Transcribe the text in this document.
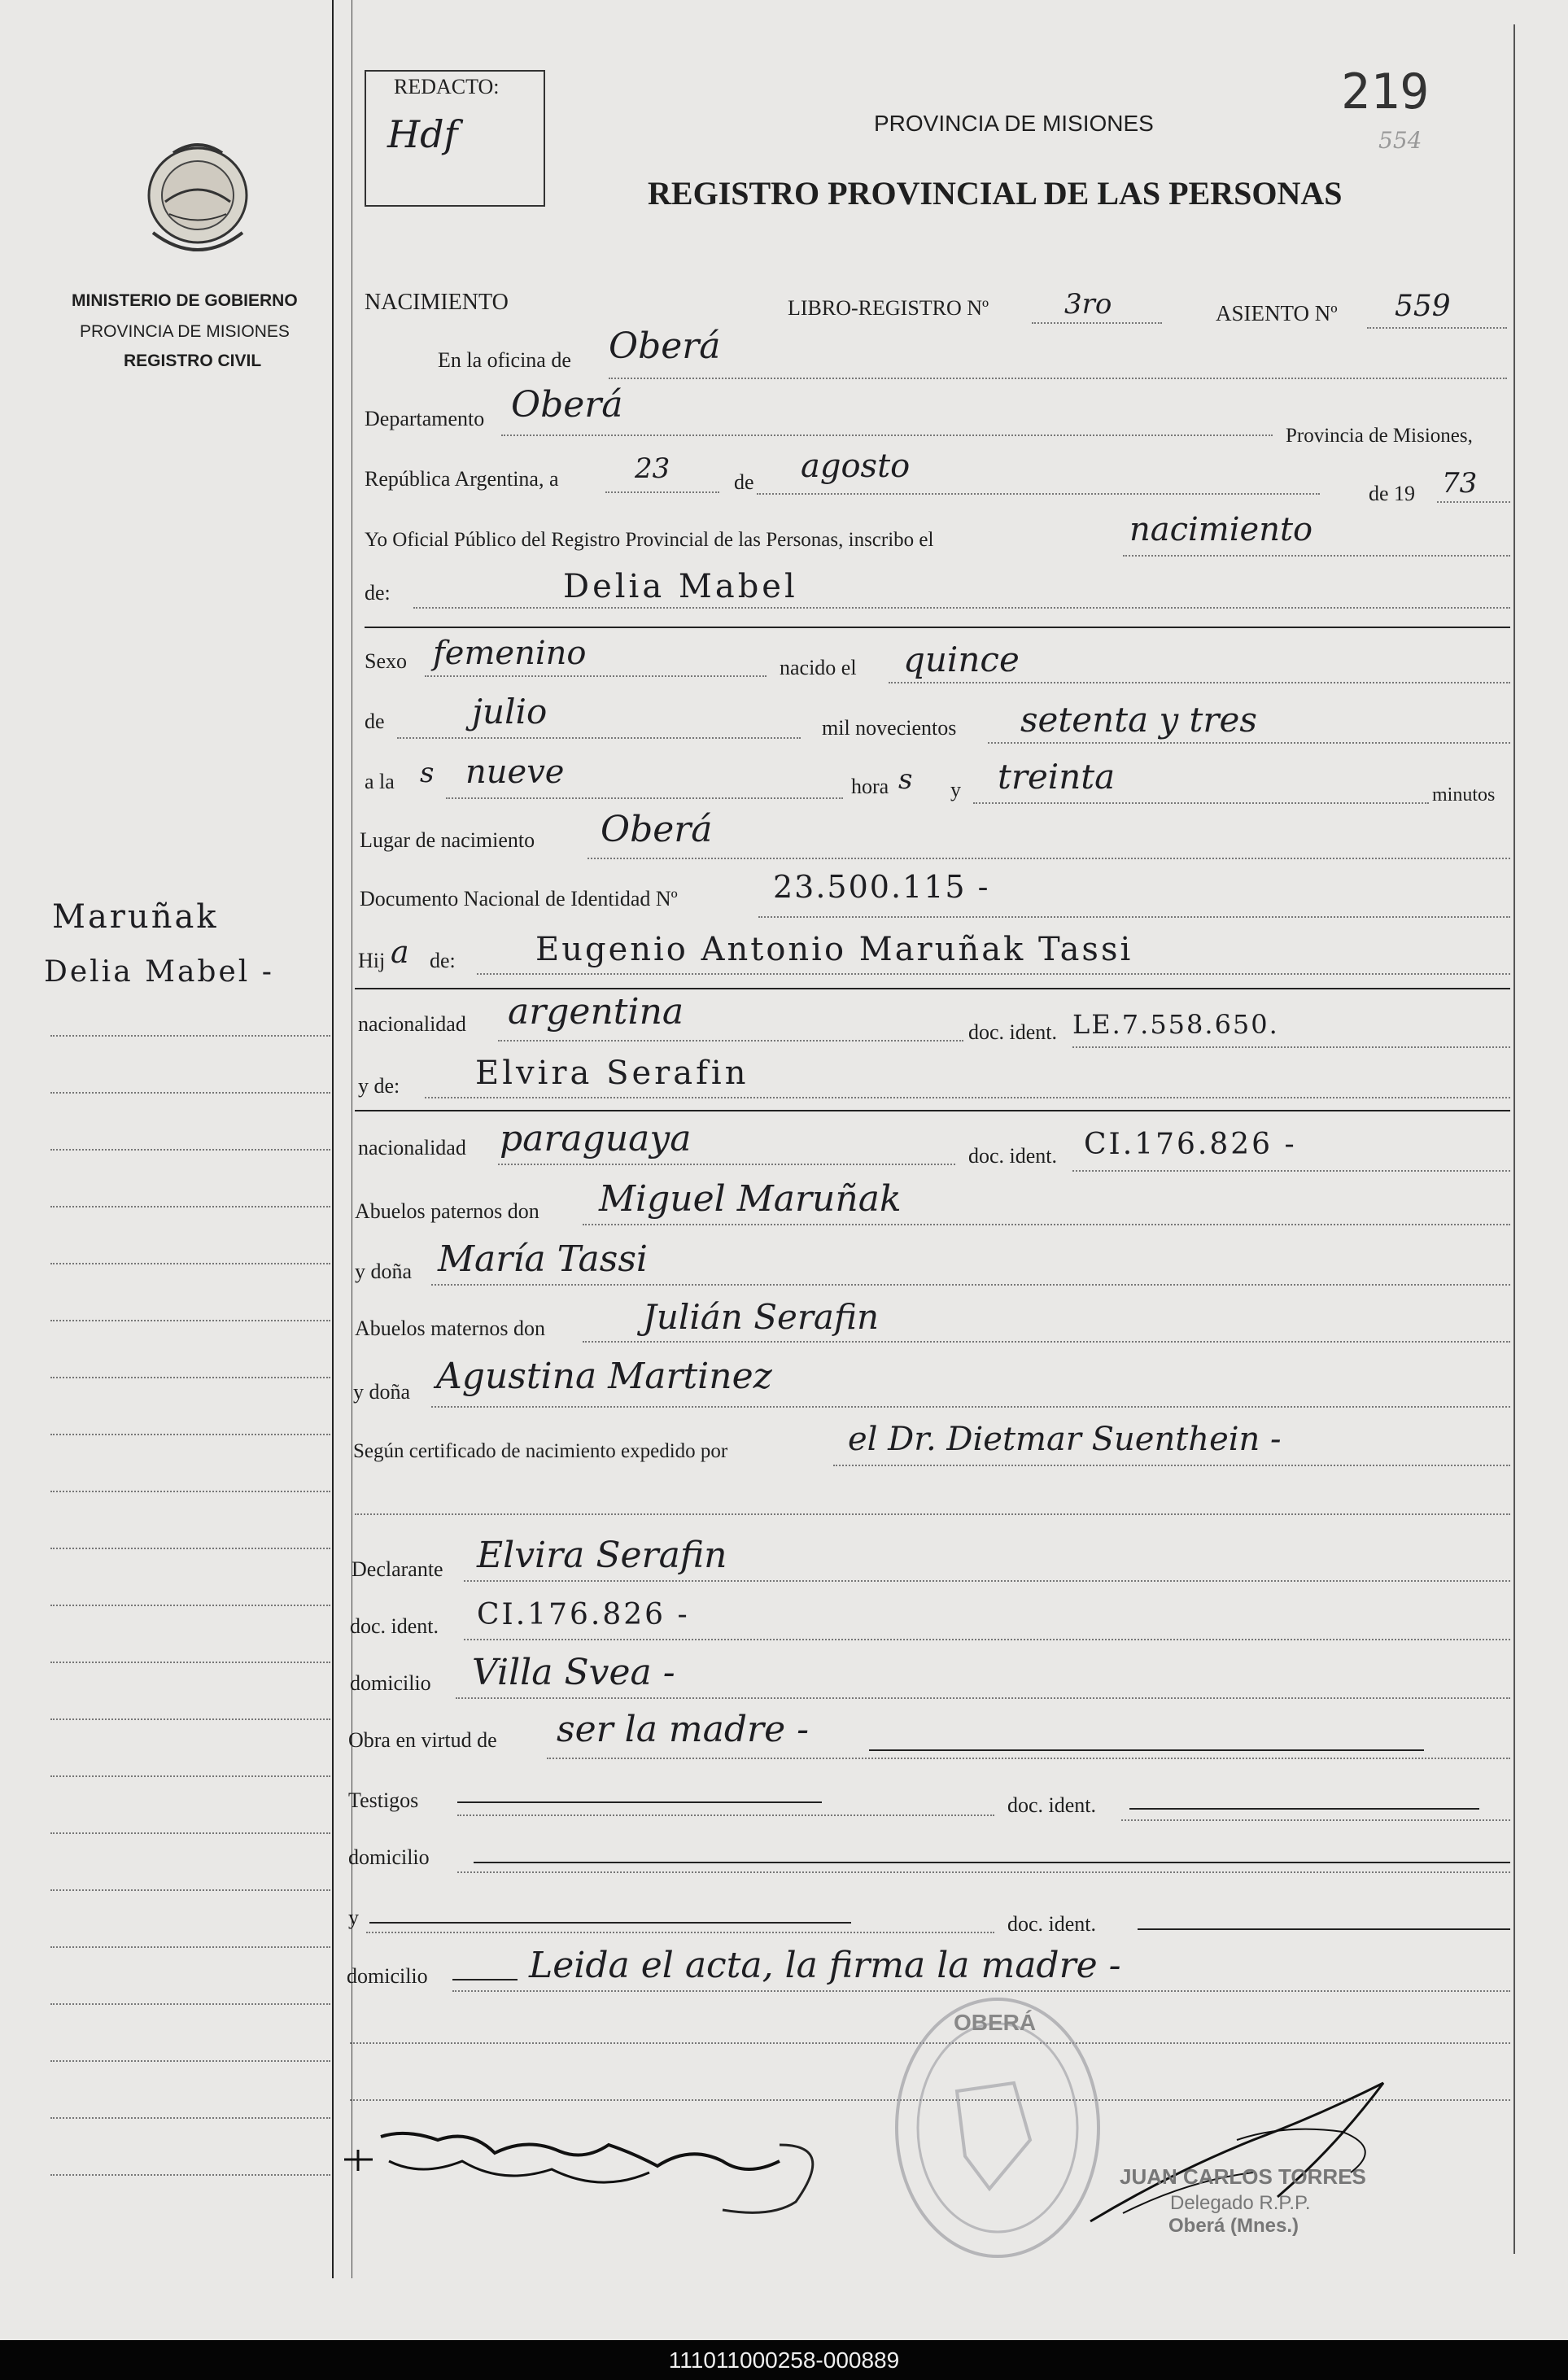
MINISTERIO DE GOBIERNO
PROVINCIA DE MISIONES
REGISTRO CIVIL
REDACTO:
Hdf	PROVINCIA DE MISIONES
REGISTRO PROVINCIAL DE LAS PERSONAS
219
554
NACIMIENTO	LIBRO-REGISTRO Nº	3ro	ASIENTO Nº 559
En la oficina de Oberá
Departamento Oberá
Provincia de Misiones,
República Argentina, a	23	de agosto
de 19 73
Yo Oficial Público del Registro Provincial de las Personas, inscribo el	nacimiento
de:	Delia Mabel
Sexo femenino	nacido el quince
de	julio	mil novecientos setenta y tres
a la s nueve	hora s y treinta	minutos
Lugar de nacimiento Oberá
Documento Nacional de Identidad Nº	23.500.115 -
Hij a de: Eugenio Antonio Maruñak Tassi
nacionalidad argentina	doc. ident. LE.7.558.650.
y de: Elvira Serafin
nacionalidad paraguaya	doc. ident. CI.176.826 -
Abuelos paternos don Miguel Maruñak
y doña María Tassi
Abuelos maternos don	Julián Serafin
y doña Agustina Martinez
Según certificado de nacimiento expedido por	el Dr. Dietmar Suenthein -
Declarante Elvira Serafin
doc. ident. CI.176.826 -
domicilio Villa Svea -
Obra en virtud de ser la madre -
Testigos	doc. ident.
domicilio
y	doc. ident.
domicilio	Leida el acta, la firma la madre -
Maruñak
Delia Mabel -
OBERÁ
JUAN CARLOS TORRES
Delegado R.P.P.
Oberá (Mnes.)
111011000258-000889
